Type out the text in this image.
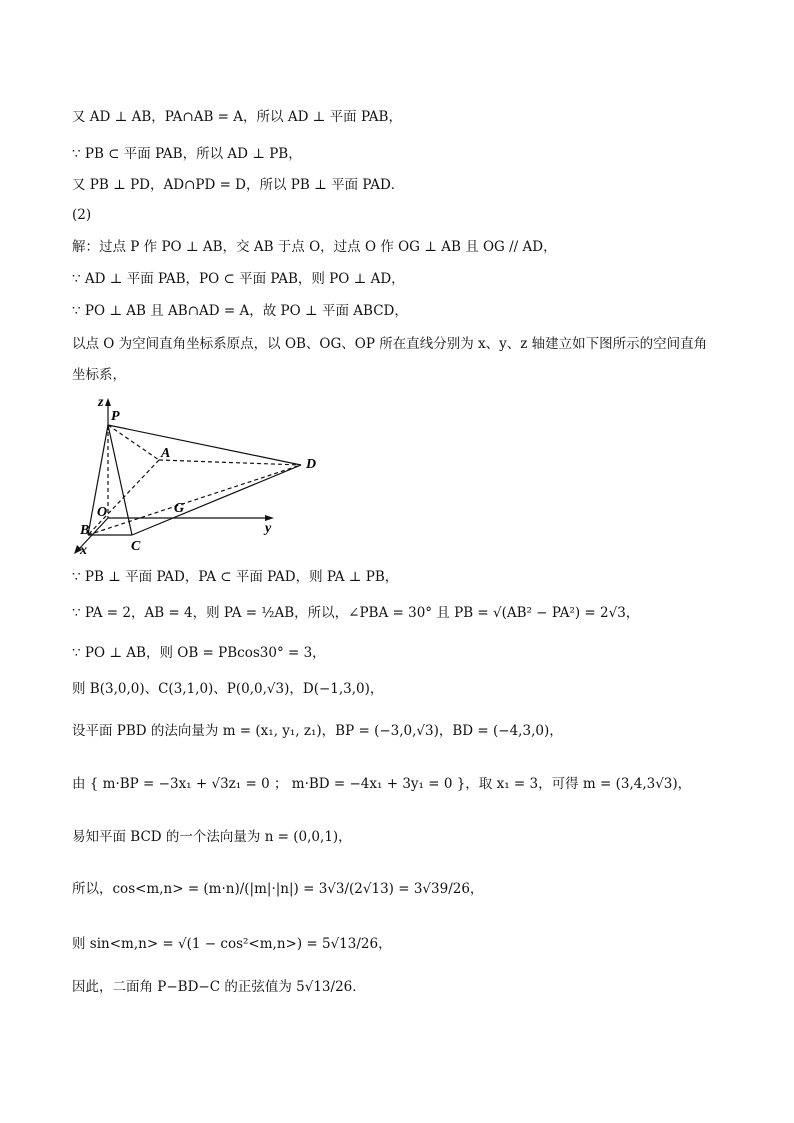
又 AD ⊥ AB，PA∩AB = A，所以 AD ⊥ 平面 PAB，
∵ PB ⊂ 平面 PAB，所以 AD ⊥ PB，
又 PB ⊥ PD，AD∩PD = D，所以 PB ⊥ 平面 PAD．
(2)
解：过点 P 作 PO ⊥ AB，交 AB 于点 O，过点 O 作 OG ⊥ AB 且 OG // AD，
∵ AD ⊥ 平面 PAB，PO ⊂ 平面 PAB，则 PO ⊥ AD，
∵ PO ⊥ AB 且 AB∩AD = A，故 PO ⊥ 平面 ABCD，
以点 O 为空间直角坐标系原点，以 OB、OG、OP 所在直线分别为 x、y、z 轴建立如下图所示的空间直角
坐标系，
z
P
A
D
O	G
y
B
x	C
∵ PB ⊥ 平面 PAD，PA ⊂ 平面 PAD，则 PA ⊥ PB，
∵ PA = 2，AB = 4，则 PA = ½AB，所以，∠PBA = 30° 且 PB = √(AB² − PA²) = 2√3，
∵ PO ⊥ AB，则 OB = PBcos30° = 3，
则 B(3,0,0)、C(3,1,0)、P(0,0,√3)，D(−1,3,0)，
设平面 PBD 的法向量为 m = (x₁, y₁, z₁)，BP = (−3,0,√3)，BD = (−4,3,0)，
由 { m·BP = −3x₁ + √3z₁ = 0 ； m·BD = −4x₁ + 3y₁ = 0 }，取 x₁ = 3，可得 m = (3,4,3√3)，
易知平面 BCD 的一个法向量为 n = (0,0,1)，
所以，cos<m,n> = (m·n)/(|m|·|n|) = 3√3/(2√13) = 3√39/26，
则 sin<m,n> = √(1 − cos²<m,n>) = 5√13/26，
因此，二面角 P−BD−C 的正弦值为 5√13/26．
